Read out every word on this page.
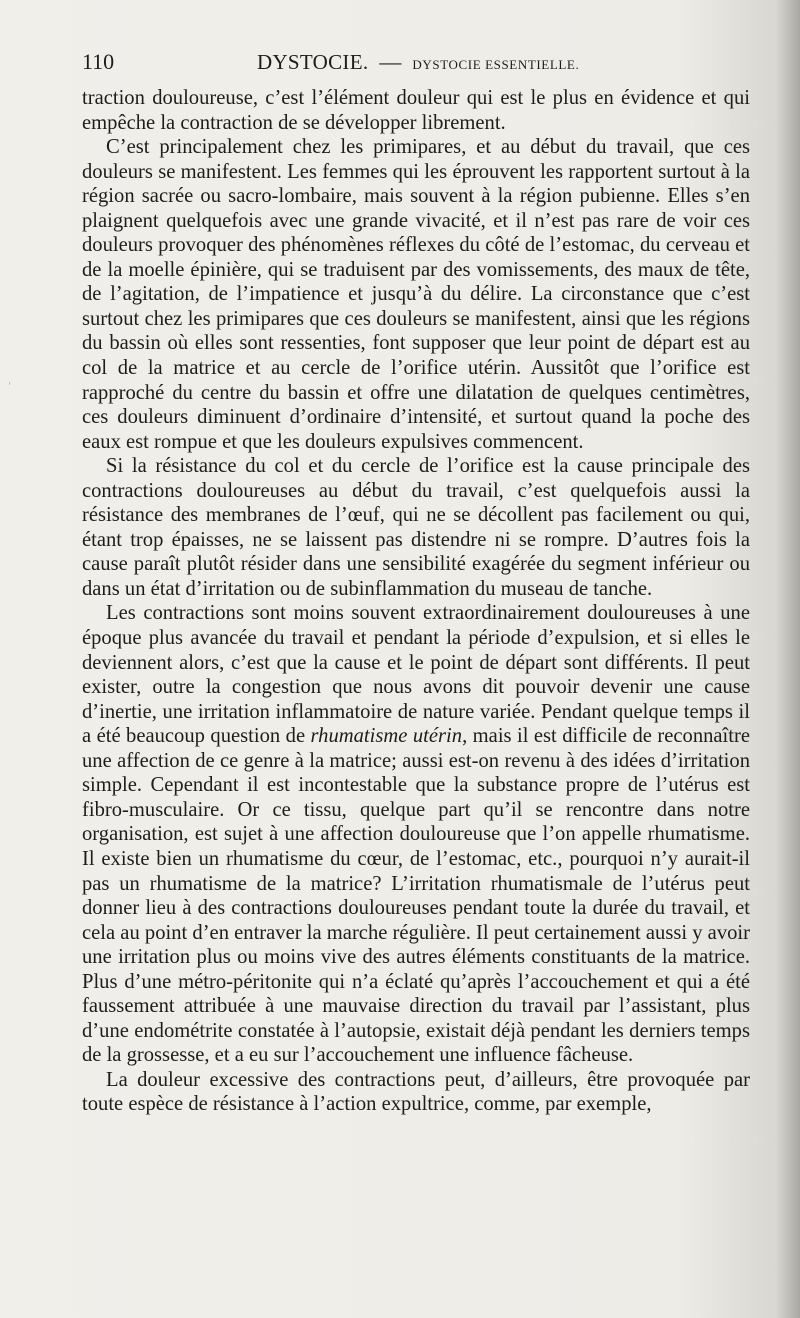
110	DYSTOCIE. — DYSTOCIE ESSENTIELLE.
ʾ

traction douloureuse, c’est l’élément douleur qui est le plus en évidence et qui empêche la contraction de se développer librement.

C’est principalement chez les primipares, et au début du travail, que ces douleurs se manifestent. Les femmes qui les éprouvent les rapportent surtout à la région sacrée ou sacro-lombaire, mais souvent à la région pubienne. Elles s’en plaignent quelquefois avec une grande vivacité, et il n’est pas rare de voir ces douleurs provoquer des phénomènes réflexes du côté de l’estomac, du cerveau et de la moelle épinière, qui se traduisent par des vomissements, des maux de tête, de l’agitation, de l’impatience et jusqu’à du délire. La circonstance que c’est surtout chez les primipares que ces douleurs se manifestent, ainsi que les régions du bassin où elles sont ressenties, font supposer que leur point de départ est au col de la matrice et au cercle de l’orifice utérin. Aussitôt que l’orifice est rapproché du centre du bassin et offre une dilatation de quelques centimètres, ces douleurs diminuent d’ordinaire d’intensité, et surtout quand la poche des eaux est rompue et que les douleurs expulsives commencent.

Si la résistance du col et du cercle de l’orifice est la cause principale des contractions douloureuses au début du travail, c’est quelquefois aussi la résistance des membranes de l’œuf, qui ne se décollent pas facilement ou qui, étant trop épaisses, ne se laissent pas distendre ni se rompre. D’autres fois la cause paraît plutôt résider dans une sensibilité exagérée du segment inférieur ou dans un état d’irritation ou de subinflammation du museau de tanche.

Les contractions sont moins souvent extraordinairement douloureuses à une époque plus avancée du travail et pendant la période d’expulsion, et si elles le deviennent alors, c’est que la cause et le point de départ sont différents. Il peut exister, outre la congestion que nous avons dit pouvoir devenir une cause d’inertie, une irritation inflammatoire de nature variée. Pendant quelque temps il a été beaucoup question de rhumatisme utérin, mais il est difficile de reconnaître une affection de ce genre à la matrice; aussi est-on revenu à des idées d’irritation simple. Cependant il est incontestable que la substance propre de l’utérus est fibro-musculaire. Or ce tissu, quelque part qu’il se rencontre dans notre organisation, est sujet à une affection douloureuse que l’on appelle rhumatisme. Il existe bien un rhumatisme du cœur, de l’estomac, etc., pourquoi n’y aurait-il pas un rhumatisme de la matrice? L’irritation rhumatismale de l’utérus peut donner lieu à des contractions douloureuses pendant toute la durée du travail, et cela au point d’en entraver la marche régulière. Il peut certainement aussi y avoir une irritation plus ou moins vive des autres éléments constituants de la matrice. Plus d’une métro-péritonite qui n’a éclaté qu’après l’accouchement et qui a été faussement attribuée à une mauvaise direction du travail par l’assistant, plus d’une endométrite constatée à l’autopsie, existait déjà pendant les derniers temps de la grossesse, et a eu sur l’accouchement une influence fâcheuse.

La douleur excessive des contractions peut, d’ailleurs, être provoquée par toute espèce de résistance à l’action expultrice, comme, par exemple,
